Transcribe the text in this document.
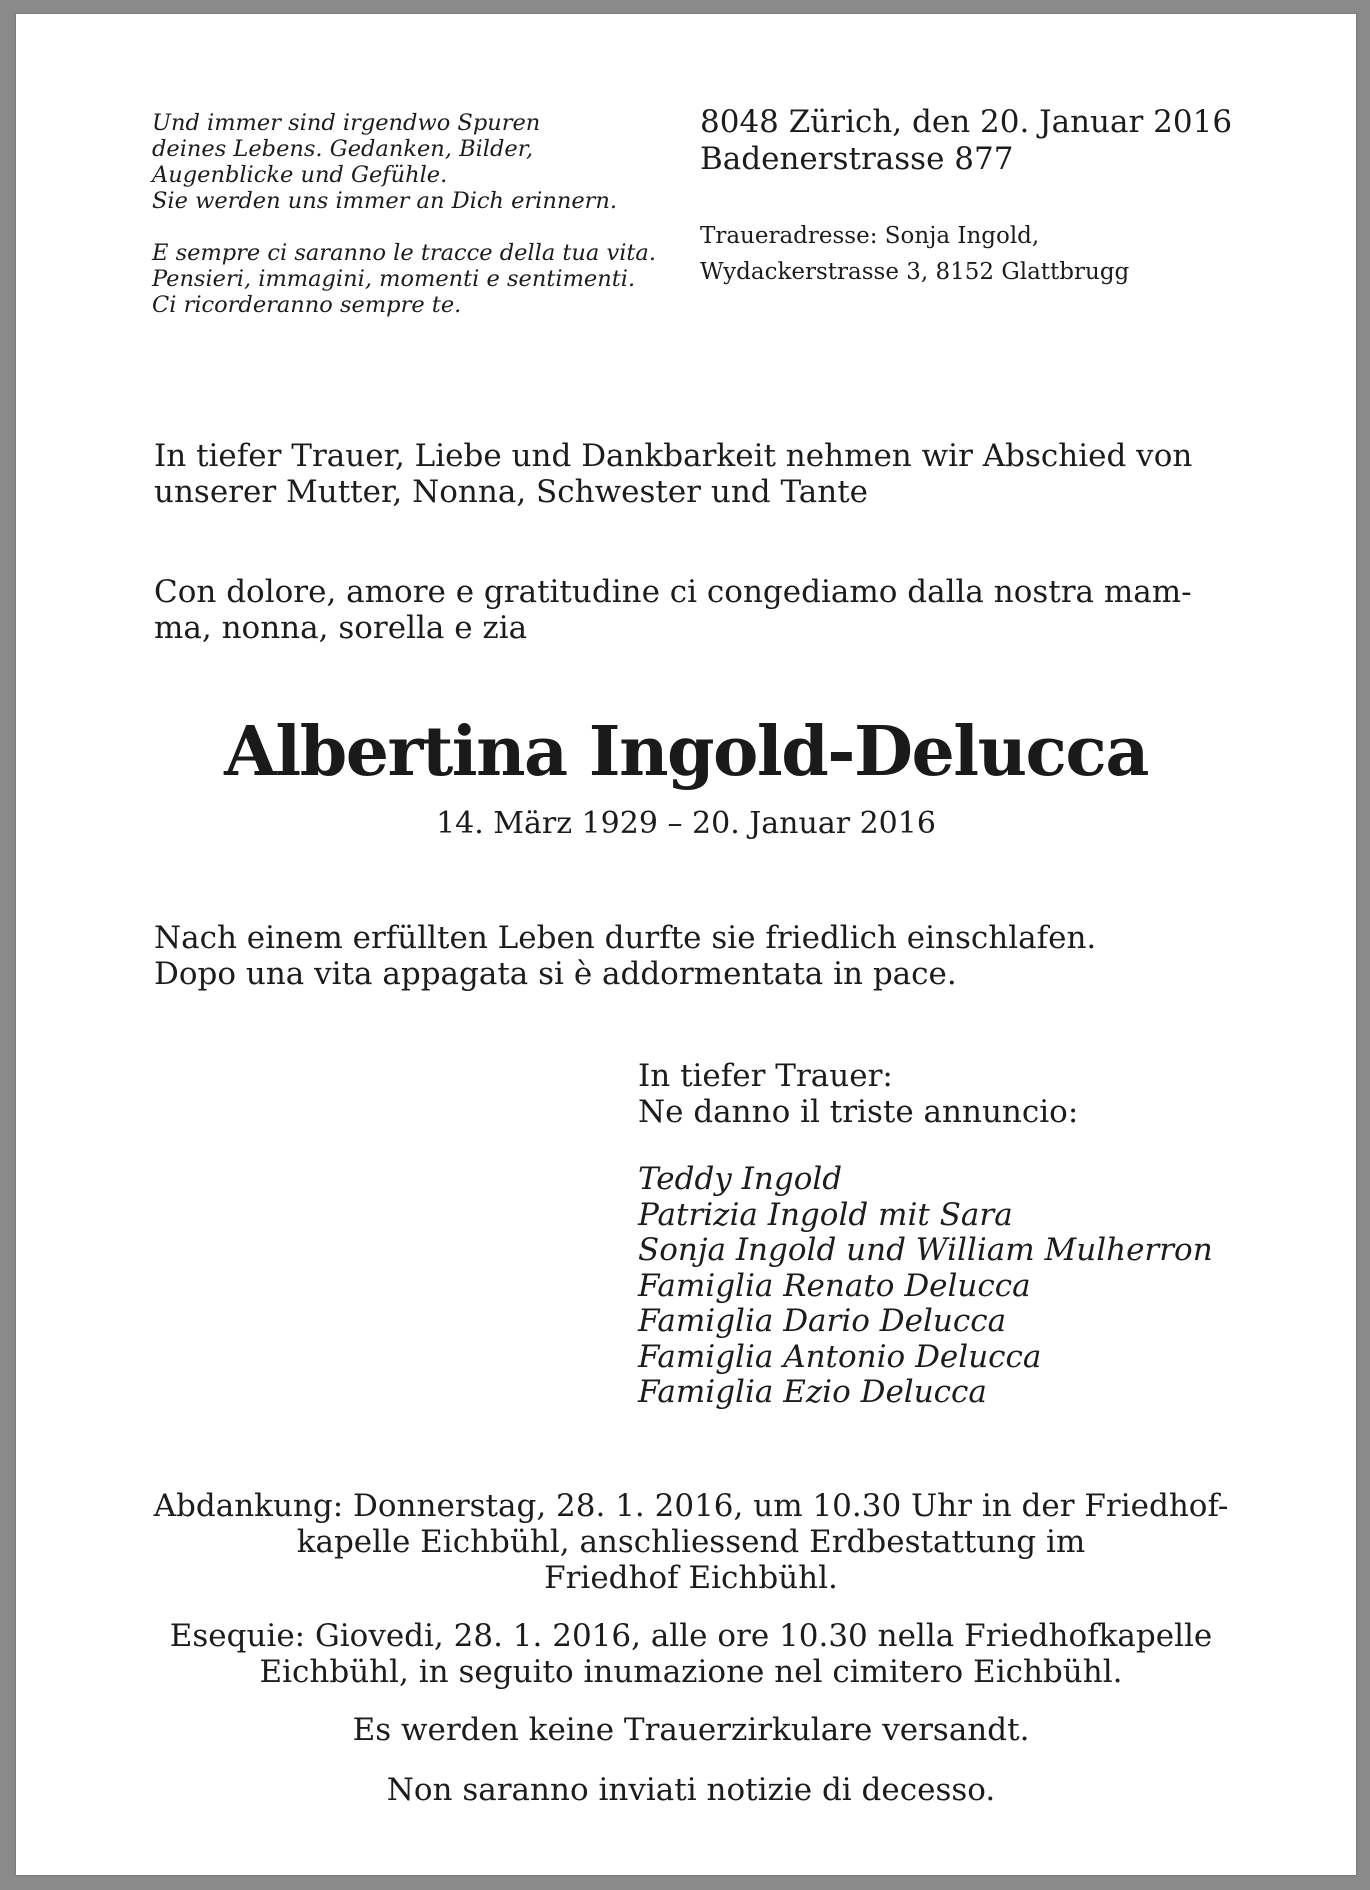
Und immer sind irgendwo Spuren
deines Lebens. Gedanken, Bilder,
Augenblicke und Gefühle.
Sie werden uns immer an Dich erinnern.
E sempre ci saranno le tracce della tua vita.
Pensieri, immagini, momenti e sentimenti.
Ci ricorderanno sempre te.
8048 Zürich, den 20. Januar 2016
Badenerstrasse 877
Traueradresse: Sonja Ingold,
Wydackerstrasse 3, 8152 Glattbrugg

In tiefer Trauer, Liebe und Dankbarkeit nehmen wir Abschied von
unserer Mutter, Nonna, Schwester und Tante

Con dolore, amore e gratitudine ci congediamo dalla nostra mam-
ma, nonna, sorella e zia

Albertina Ingold-Delucca

14. März 1929 – 20. Januar 2016

Nach einem erfüllten Leben durfte sie friedlich einschlafen.
Dopo una vita appagata si è addormentata in pace.
In tiefer Trauer:
Ne danno il triste annuncio:
Teddy Ingold
Patrizia Ingold mit Sara
Sonja Ingold und William Mulherron
Famiglia Renato Delucca
Famiglia Dario Delucca
Famiglia Antonio Delucca
Famiglia Ezio Delucca

Abdankung: Donnerstag, 28. 1. 2016, um 10.30 Uhr in der Friedhof-
kapelle Eichbühl, anschliessend Erdbestattung im
Friedhof Eichbühl.

Esequie: Giovedi, 28. 1. 2016, alle ore 10.30 nella Friedhofkapelle
Eichbühl, in seguito inumazione nel cimitero Eichbühl.

Es werden keine Trauerzirkulare versandt.

Non saranno inviati notizie di decesso.
